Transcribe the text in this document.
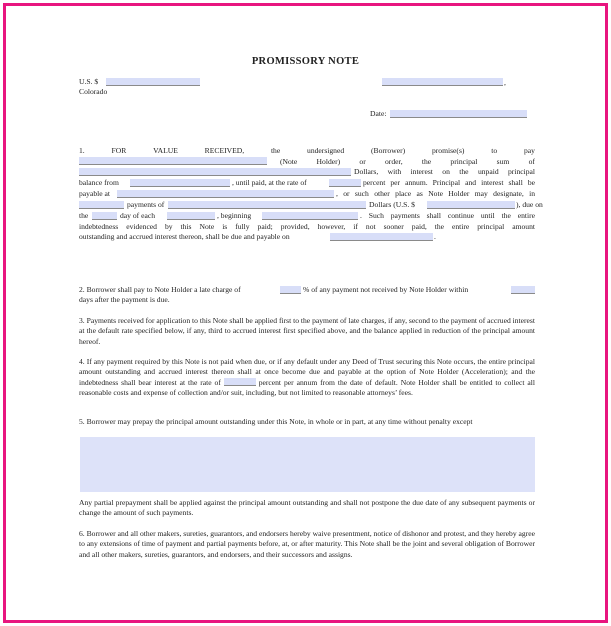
PROMISSORY NOTE
U.S. $
Colorado
,
Date:
1.	FOR	VALUE	RECEIVED,	the	undersigned	(Borrower)	promise(s)	to	pay
(Note	Holder)	or	order,	the	principal	sum	of
Dollars, with interest on the unpaid principal
balance from	, until paid, at the rate of	percent per annum. Principal and interest shall be
payable at	, or such other place as Note Holder may designate, in
payments of	Dollars (U.S. $	), due on
the	day of each	, beginning	. Such payments shall continue until the entire
indebtedness evidenced by this Note is fully paid; provided, however, if not sooner paid, the entire principal amount
outstanding and accrued interest thereon, shall be due and payable on	.
2. Borrower shall pay to Note Holder a late charge of	% of any payment not received by Note Holder within
days after the payment is due.
3. Payments received for application to this Note shall be applied first to the payment of late charges, if any, second to the payment of accrued interest at the default rate specified below, if any, third to accrued interest first specified above, and the balance applied in reduction of the principal amount hereof.
4. If any payment required by this Note is not paid when due, or if any default under any Deed of Trust securing this Note occurs, the entire principal amount outstanding and accrued interest thereon shall at once become due and payable at the option of Note Holder (Acceleration); and the indebtedness shall bear interest at the rate of	percent per annum from the date of default. Note Holder shall be entitled to collect all reasonable costs and expense of collection and/or suit, including, but not limited to reasonable attorneys’ fees.
5. Borrower may prepay the principal amount outstanding under this Note, in whole or in part, at any time without penalty except
Any partial prepayment shall be applied against the principal amount outstanding and shall not postpone the due date of any subsequent payments or change the amount of such payments.
6. Borrower and all other makers, sureties, guarantors, and endorsers hereby waive presentment, notice of dishonor and protest, and they hereby agree to any extensions of time of payment and partial payments before, at, or after maturity. This Note shall be the joint and several obligation of Borrower and all other makers, sureties, guarantors, and endorsers, and their successors and assigns.
